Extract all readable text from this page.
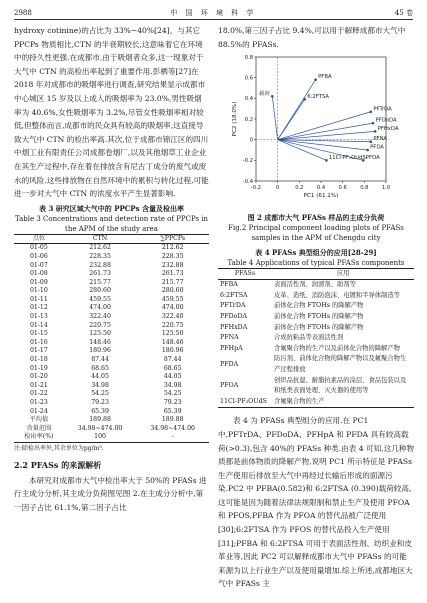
2988	中 国 环 境 科 学	45 卷

hydroxy cotinine)的占比为 33%~40%[24]，与其它 PPCPs 物质相比,CTN 的半衰期较长,这意味着它在环境中的持久性更强.在成都市,由于吸烟者众多,这一现象对于大气中 CTN 的高检出率起到了重要作用.彭栖等[27]在 2018 年对成都市的吸烟率进行调查,研究结果显示成都市中心城区 15 岁及以上成人的吸烟率为 23.0%,男性吸烟率为 40.6%,女性吸烟率为 3.2%,尽管女性吸烟率相对较低,但整体而言,成都市的民众具有较高的吸烟率,这直接导致大气中 CTN 的检出率高.其次,位于成都市锦江区的四川中烟工业有限责任公司成都卷烟厂,以及其他烟草工业企业在其生产过程中,存在着在排放含有尼古丁成分的废气或废水的风险.这些排放物在自然环境中的累积与转化过程,可能进一步对大气中 CTN 的浓度水平产生显著影响.

表 3 研究区域大气中的 PPCPs 含量及检出率

Table 3 Concentrations and detection rate of PPCPs in the APM of the study area

点位	CTN	∑PPCPs
01-05	212.62	212.62
01-06	228.35	228.35
01-07	232.88	232.88
01-08	261.73	261.73
01-09	215.77	215.77
01-10	280.60	280.60
01-11	459.55	459.55
01-12	474.00	474.00
01-13	322.40	322.40
01-14	220.75	220.75
01-15	125.50	125.50
01-16	148.46	148.46
01-17	180.96	180.96
01-18	87.44	87.44
01-19	68.65	68.65
01-20	44.05	44.05
01-21	34.98	34.98
01-22	54.25	54.25
01-23	79.23	79.23
01-24	65.39	65.39
平均值	189.88	189.88
含量范围	34.98~474.00	34.98~474.00
检出率(%)	100	-

注:除检出率外,其余单位为pg/m³.

2.2 PFASs 的来源解析

本研究对成都市大气中检出率大于 50%的 PFASs 进行主成分分析,其主成分负荷图见图 2.在主成分分析中,第一因子占比 61.1%,第二因子占比

18.0%,第三因子占比 9.4%,可以用于解释成都市大气中 88.5%的 PFASs.

-0.2	0	0.2	0.4	0.6	0.8	1.0
-0.4
-0.2
0
0.2
0.4
0.6
0.8
PC1 (61.1%)
PC2 (18.0%)
载荷
PFBA
6:2FTSA
PFTrDA
PFDoDA
PFHxDA
PFNA
PFDA
PFOA
11Cl-PF₃OUdS

图 2 成都市大气 PFASs 样品的主成分负荷

Fig.2 Principal component loading plots of PFASs samples in the APM of Chengdu city

表 4 PFASs 典型组分的应用[28-29]

Table 4 Applications of typical PFASs components

PFASs	应用
PFBA	表面活性剂、润滑剂、助剂等
6:2FTSA	皮革、造纸、消防泡沫、电镀和半导体制造等
PFTrDA	前体化合物 FTOHs 的降解产物
PFDoDA	前体化合物 FTOHs 的降解产物
PFHxDA	前体化合物 FTOHs 的降解产物
PFNA	合成抗粘品等表面活性剂
PFHpA	含氟聚合物的生产以及前体化合物的降解产物
PFDA	防污剂、前体化合物的降解产物以及氟聚合物生产过程排放
PFOA	创织品抗湿、耐脂抗素品的涂层、食品包装以及和纸类表面处理、灭火器的使用等
11Cl-PF₃OUdS	含氟聚合物的生产

表 4 为 PFASs 典型组分的应用.在 PC1 中,PFTrDA、PFDoDA、PFHpA 和 PFDA 具有较高载荷(>0.3),包含 40%的 PFASs 种类.由表 4 可知,这几种物质都是前体物质的降解产物,说明 PC1 所示特征是 PFASs 生产使用后排放至大气中再经过长输后形成的面源污染.PC2 中 PFBA(0.582)和 6:2FTSA (0.390)载荷较高,这可能是因为随着法律法规限制和禁止生产及使用 PFOA 和 PFOS,PFBA 作为 PFOA 的替代品被广泛使用[30];6:2FTSA 作为 PFOS 的替代品投入生产使用[31];PFBA 和 6:2FTSA 可用于表面活性剂、纺织业和皮革业等,因此 PC2 可以解释成都市大气中 PFASs 的可能来源为以上行业生产以及使用量增加.综上所述,成都地区大气中 PFASs 主
